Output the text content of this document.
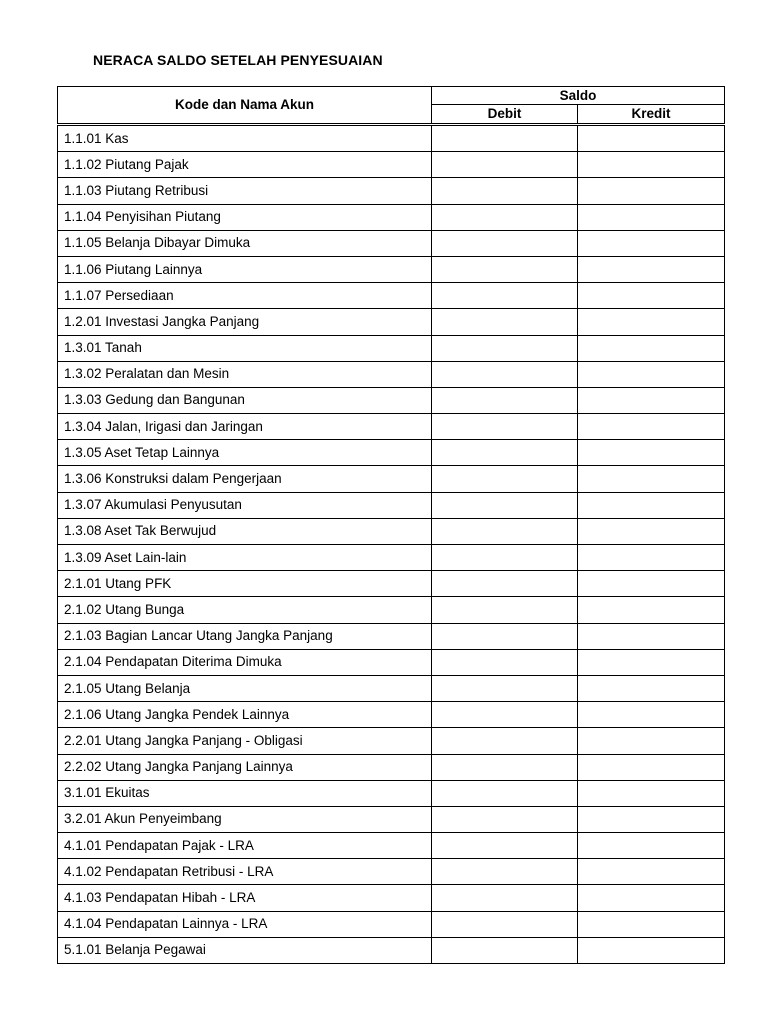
NERACA SALDO SETELAH PENYESUAIAN
Kode dan Nama Akun	Saldo	
	Debit	Kredit
1.1.01 Kas		
1.1.02 Piutang Pajak		
1.1.03 Piutang Retribusi		
1.1.04 Penyisihan Piutang		
1.1.05 Belanja Dibayar Dimuka		
1.1.06 Piutang Lainnya		
1.1.07 Persediaan		
1.2.01 Investasi Jangka Panjang		
1.3.01 Tanah		
1.3.02 Peralatan dan Mesin		
1.3.03 Gedung dan Bangunan		
1.3.04 Jalan, Irigasi dan Jaringan		
1.3.05 Aset Tetap Lainnya		
1.3.06 Konstruksi dalam Pengerjaan		
1.3.07 Akumulasi Penyusutan		
1.3.08 Aset Tak Berwujud		
1.3.09 Aset Lain-lain		
2.1.01 Utang PFK		
2.1.02 Utang Bunga		
2.1.03 Bagian Lancar Utang Jangka Panjang		
2.1.04 Pendapatan Diterima Dimuka		
2.1.05 Utang Belanja		
2.1.06 Utang Jangka Pendek Lainnya		
2.2.01 Utang Jangka Panjang - Obligasi		
2.2.02 Utang Jangka Panjang Lainnya		
3.1.01 Ekuitas		
3.2.01 Akun Penyeimbang		
4.1.01 Pendapatan Pajak - LRA		
4.1.02 Pendapatan Retribusi - LRA		
4.1.03 Pendapatan Hibah - LRA		
4.1.04 Pendapatan Lainnya - LRA		
5.1.01 Belanja Pegawai		
